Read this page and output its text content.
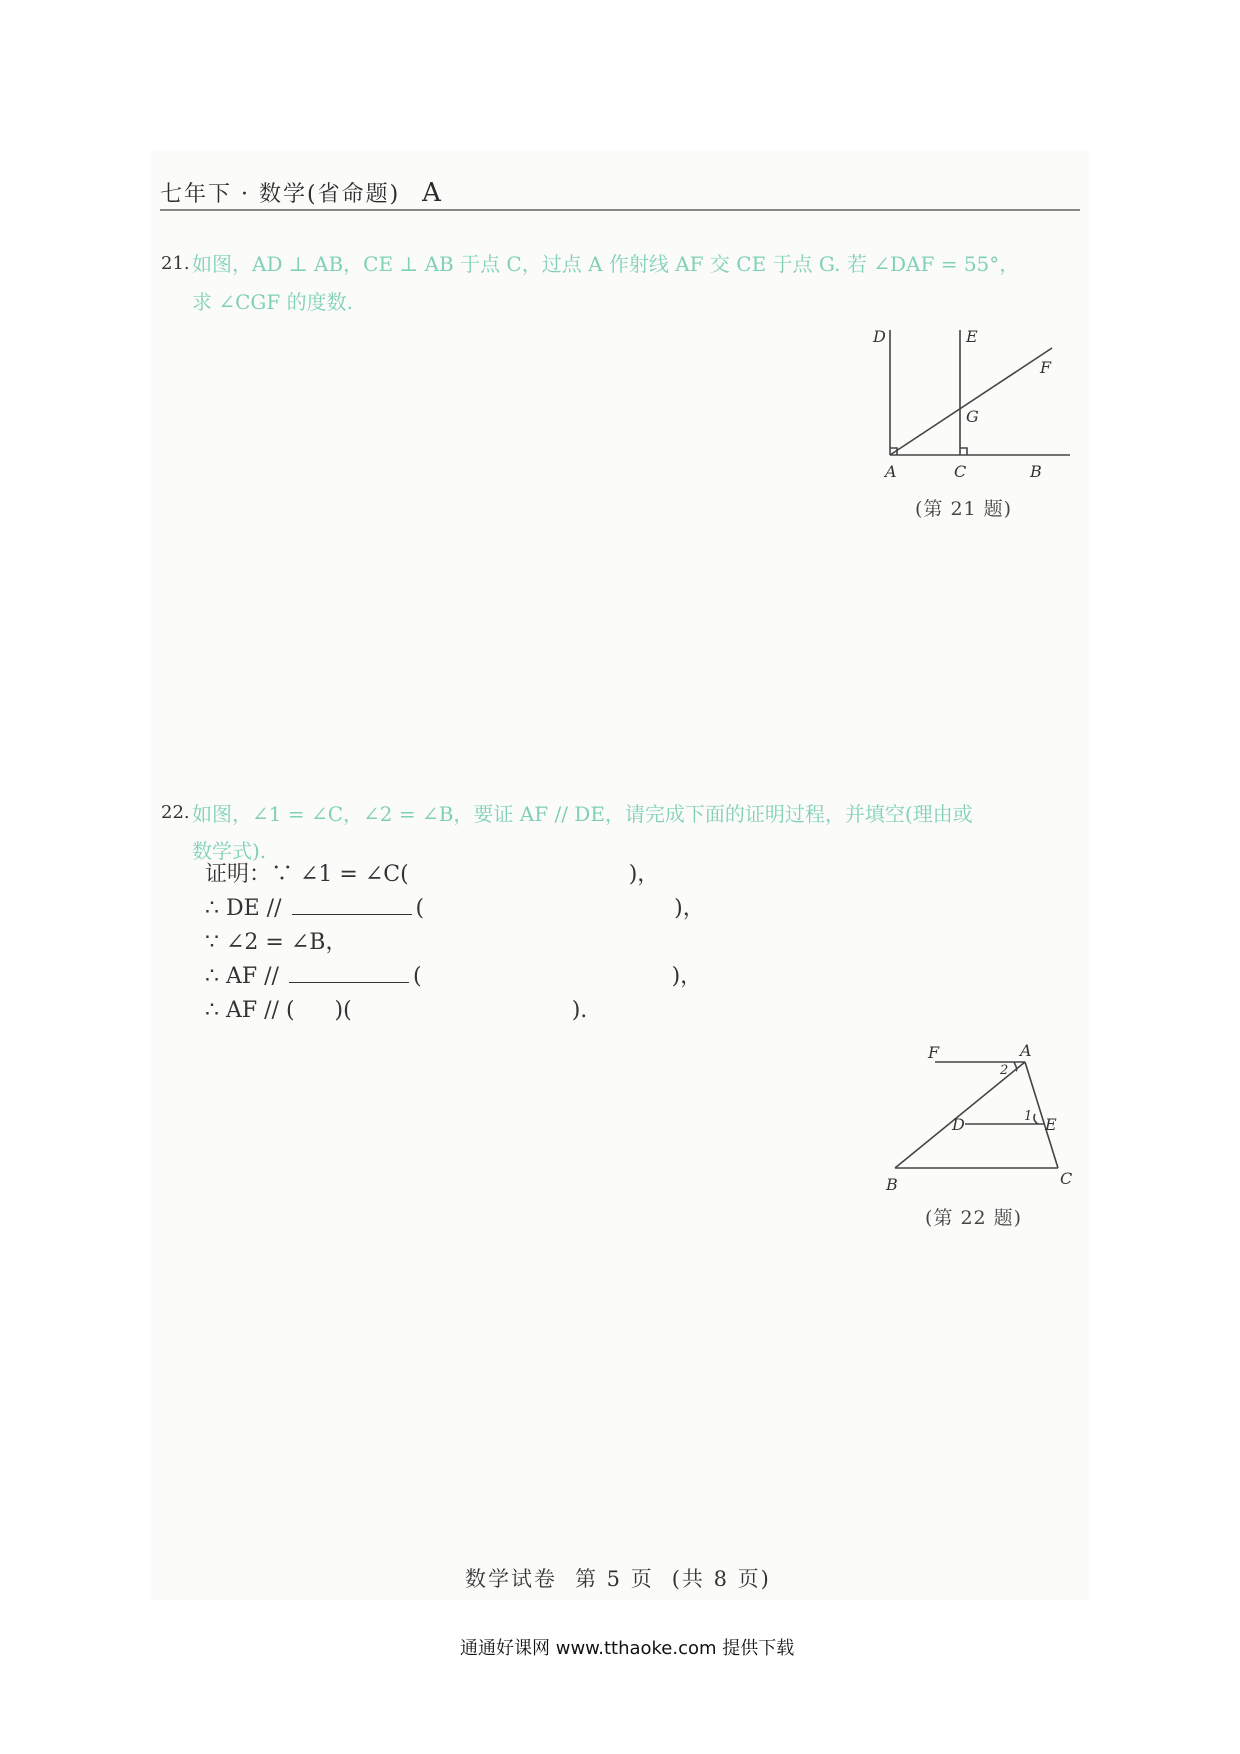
七年下 · 数学(省命题) A
21. 如图，AD ⊥ AB，CE ⊥ AB 于点 C，过点 A 作射线 AF 交 CE 于点 G. 若 ∠DAF = 55°，
求 ∠CGF 的度数.
D	E
F
G
A	C	B
(第 21 题)
22. 如图，∠1 = ∠C，∠2 = ∠B，要证 AF // DE，请完成下面的证明过程，并填空(理由或
数学式).
证明：∵ ∠1 = ∠C(	)，
∴ DE //	(	)，
∵ ∠2 = ∠B，
∴ AF //	(	)，
∴ AF // ( )(	).
F	A
2
D	1 E
B	C
(第 22 题)
数学试卷 第 5 页 (共 8 页)
通通好课网 www.tthaoke.com 提供下载
